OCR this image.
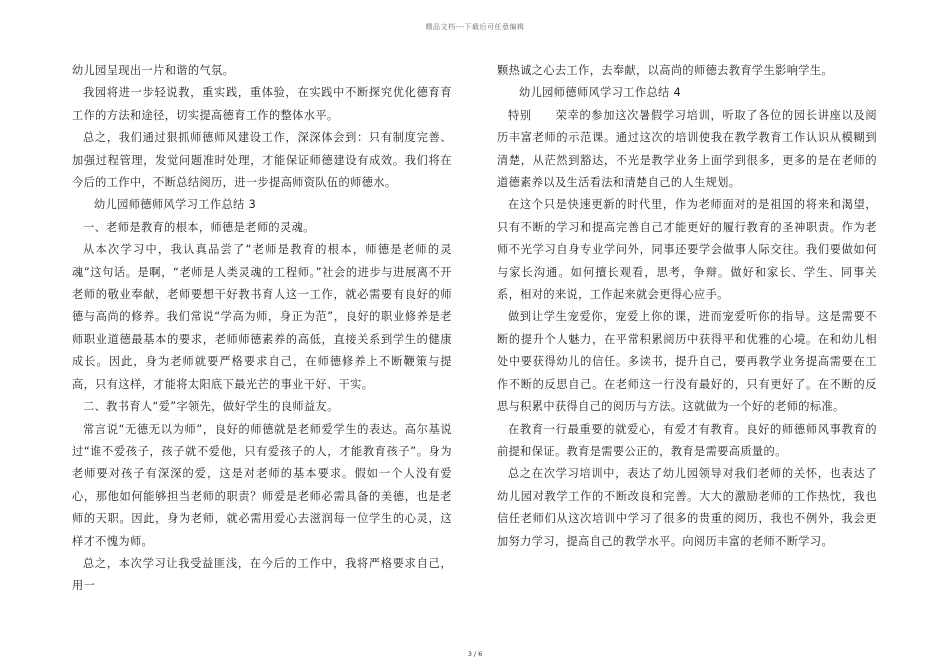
精品文档---下载后可任意编辑

幼儿园呈现出一片和谐的气氛。

我园将进一步轻说教，重实践，重体验，在实践中不断探究优化德育育工作的方法和途径，切实提高德育工作的整体水平。

总之，我们通过狠抓师德师风建设工作，深深体会到：只有制度完善、加强过程管理，发觉问题准时处理，才能保证师德建设有成效。我们将在今后的工作中，不断总结阅历，进一步提高师资队伍的师德水。

幼儿园师德师风学习工作总结 3

一、老师是教育的根本，师德是老师的灵魂。

从本次学习中，我认真品尝了“老师是教育的根本，师德是老师的灵魂”这句话。是啊，“老师是人类灵魂的工程师。”社会的进步与进展离不开老师的敬业奉献，老师要想干好教书育人这一工作，就必需要有良好的师德与高尚的修养。我们常说“学高为师，身正为范”，良好的职业修养是老师职业道德最基本的要求，老师师德素养的高低，直接关系到学生的健康成长。因此，身为老师就要严格要求自己，在师德修养上不断鞭策与提高，只有这样，才能将太阳底下最光芒的事业干好、干实。

二、教书育人“爱”字领先，做好学生的良师益友。

常言说“无德无以为师”，良好的师德就是老师爱学生的表达。高尔基说过“谁不爱孩子，孩子就不爱他，只有爱孩子的人，才能教育孩子”。身为老师要对孩子有深深的爱，这是对老师的基本要求。假如一个人没有爱心，那他如何能够担当老师的职责？师爱是老师必需具备的美德，也是老师的天职。因此，身为老师，就必需用爱心去滋润每一位学生的心灵，这样才不愧为师。

总之，本次学习让我受益匪浅，在今后的工作中，我将严格要求自己，用一

颗热诚之心去工作，去奉献，以高尚的师德去教育学生影响学生。

幼儿园师德师风学习工作总结 4

特别　　荣幸的参加这次暑假学习培训，听取了各位的园长讲座以及阅历丰富老师的示范课。通过这次的培训使我在教学教育工作认识从模糊到清楚，从茫然到豁达，不光是教学业务上面学到很多，更多的是在老师的道德素养以及生活看法和清楚自己的人生规划。

在这个只是快速更新的时代里，作为老师面对的是祖国的将来和渴望，只有不断的学习和提高完善自己才能更好的履行教育的圣神职责。作为老师不光学习自身专业学问外，同事还要学会做事人际交往。我们要做如何与家长沟通。如何擅长观看，思考，争辩。做好和家长、学生、同事关系，相对的来说，工作起来就会更得心应手。

做到让学生宠爱你，宠爱上你的课，进而宠爱听你的指导。这是需要不断的提升个人魅力，在平常积累阅历中获得平和优雅的心境。在和幼儿相处中要获得幼儿的信任。多读书，提升自己，要再教学业务提高需要在工作不断的反思自己。在老师这一行没有最好的，只有更好了。在不断的反思与积累中获得自己的阅历与方法。这就做为一个好的老师的标准。

在教育一行最重要的就爱心，有爱才有教育。良好的师德师风事教育的前提和保证。教育是需要公正的，教育是需要高质量的。

总之在次学习培训中，表达了幼儿园领导对我们老师的关怀，也表达了幼儿园对教学工作的不断改良和完善。大大的激励老师的工作热忱，我也信任老师们从这次培训中学习了很多的贵重的阅历，我也不例外，我会更加努力学习，提高自己的教学水平。向阅历丰富的老师不断学习。

3 / 6
